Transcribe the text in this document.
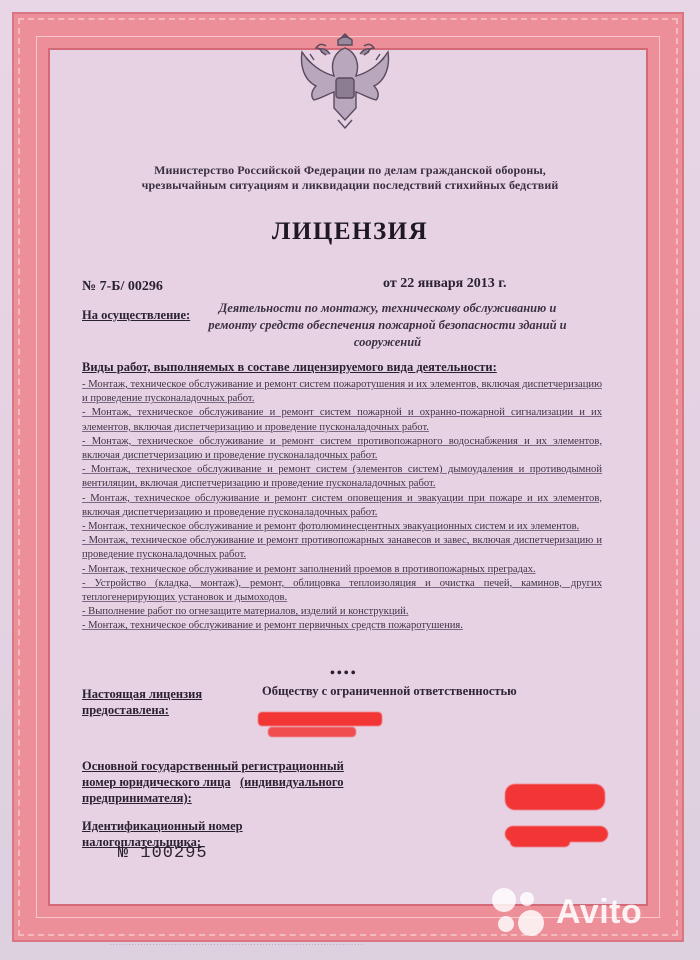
Министерство Российской Федерации по делам гражданской обороны,
чрезвычайным ситуациям и ликвидации последствий стихийных бедствий
ЛИЦЕНЗИЯ
№ 7-Б/ 00296	от 22 января 2013 г.
На осуществление:	Деятельности по монтажу, техническому обслуживанию и ремонту средств обеспечения пожарной безопасности зданий и сооружений
Виды работ, выполняемых в составе лицензируемого вида деятельности:
- Монтаж, техническое обслуживание и ремонт систем пожаротушения и их элементов, включая диспетчеризацию и проведение пусконаладочных работ.
- Монтаж, техническое обслуживание и ремонт систем пожарной и охранно-пожарной сигнализации и их элементов, включая диспетчеризацию и проведение пусконаладочных работ.
- Монтаж, техническое обслуживание и ремонт систем противопожарного водоснабжения и их элементов, включая диспетчеризацию и проведение пусконаладочных работ.
- Монтаж, техническое обслуживание и ремонт систем (элементов систем) дымоудаления и противодымной вентиляции, включая диспетчеризацию и проведение пусконаладочных работ.
- Монтаж, техническое обслуживание и ремонт систем оповещения и эвакуации при пожаре и их элементов, включая диспетчеризацию и проведение пусконаладочных работ.
- Монтаж, техническое обслуживание и ремонт фотолюминесцентных эвакуационных систем и их элементов.
- Монтаж, техническое обслуживание и ремонт противопожарных занавесов и завес, включая диспетчеризацию и проведение пусконаладочных работ.
- Монтаж, техническое обслуживание и ремонт заполнений проемов в противопожарных преградах.
- Устройство (кладка, монтаж), ремонт, облицовка теплоизоляция и очистка печей, каминов, других теплогенерирующих установок и дымоходов.
- Выполнение работ по огнезащите материалов, изделий и конструкций.
- Монтаж, техническое обслуживание и ремонт первичных средств пожаротушения.
••••
Настоящая лицензия
предоставлена:
Обществу с ограниченной ответственностью
Основной государственный регистрационный
номер юридического лица (индивидуального
предпринимателя):
Идентификационный номер
налогоплательщика:
№ 100295
· · · · · · · · · · · · · · · · · · · · · · · · · · · · · · · · · · · · · · · · · · · · · · · · · · · · · · · · · · · · · · · · · · · · · · · · · · · · · · · · · · ·
Avito
